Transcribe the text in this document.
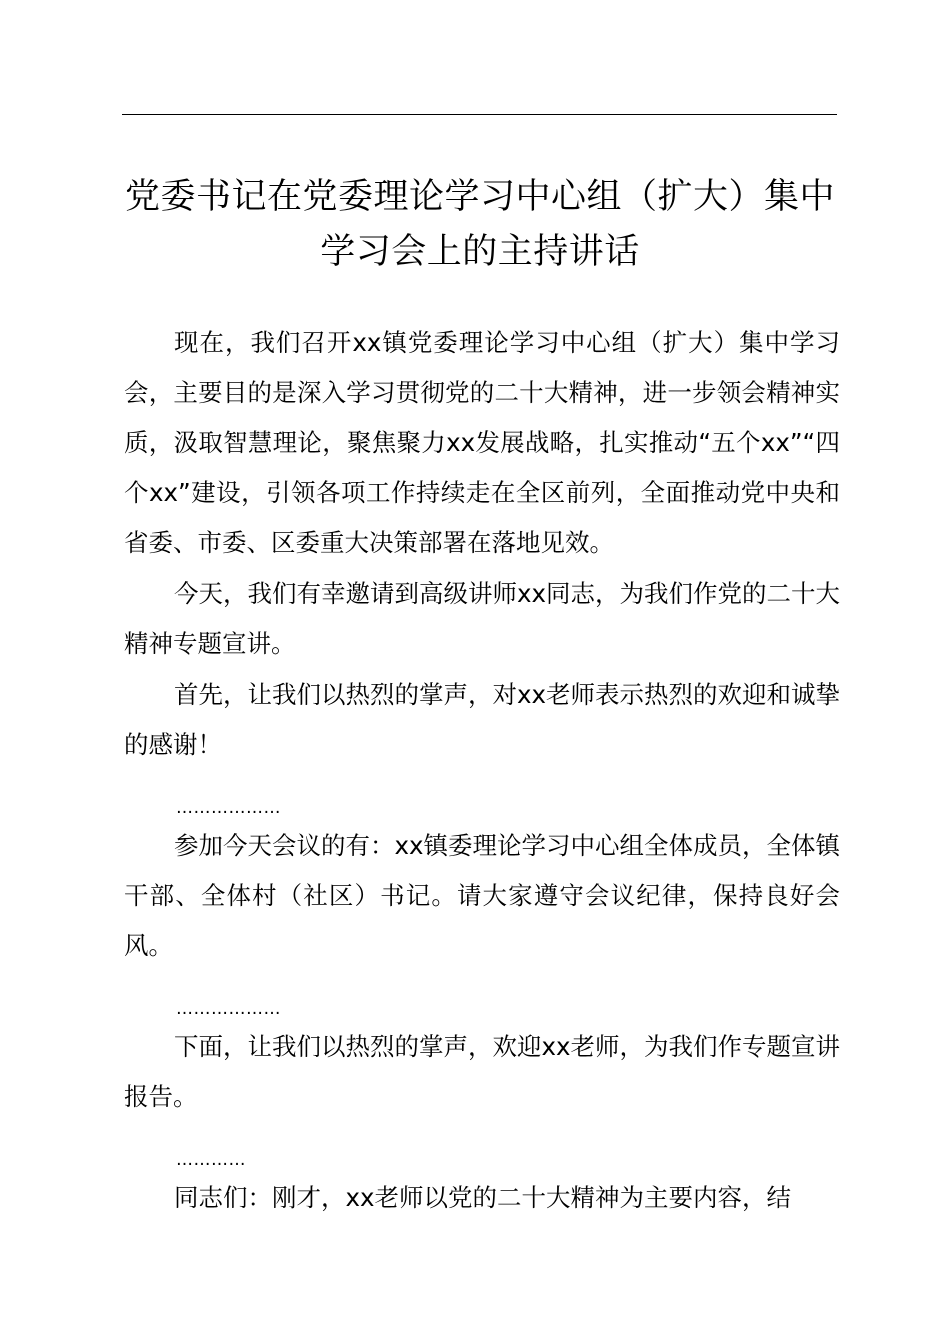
党委书记在党委理论学习中心组（扩大）集中
学习会上的主持讲话

现在，我们召开xx镇党委理论学习中心组（扩大）集中学习会，主要目的是深入学习贯彻党的二十大精神，进一步领会精神实质，汲取智慧理论，聚焦聚力xx发展战略，扎实推动“五个xx”“四个xx”建设，引领各项工作持续走在全区前列，全面推动党中央和省委、市委、区委重大决策部署在落地见效。

今天，我们有幸邀请到高级讲师xx同志，为我们作党的二十大精神专题宣讲。

首先，让我们以热烈的掌声，对xx老师表示热烈的欢迎和诚挚的感谢！

………………

参加今天会议的有：xx镇委理论学习中心组全体成员，全体镇干部、全体村（社区）书记。请大家遵守会议纪律，保持良好会风。

………………

下面，让我们以热烈的掌声，欢迎xx老师，为我们作专题宣讲报告。

…………

同志们：刚才，xx老师以党的二十大精神为主要内容，结
